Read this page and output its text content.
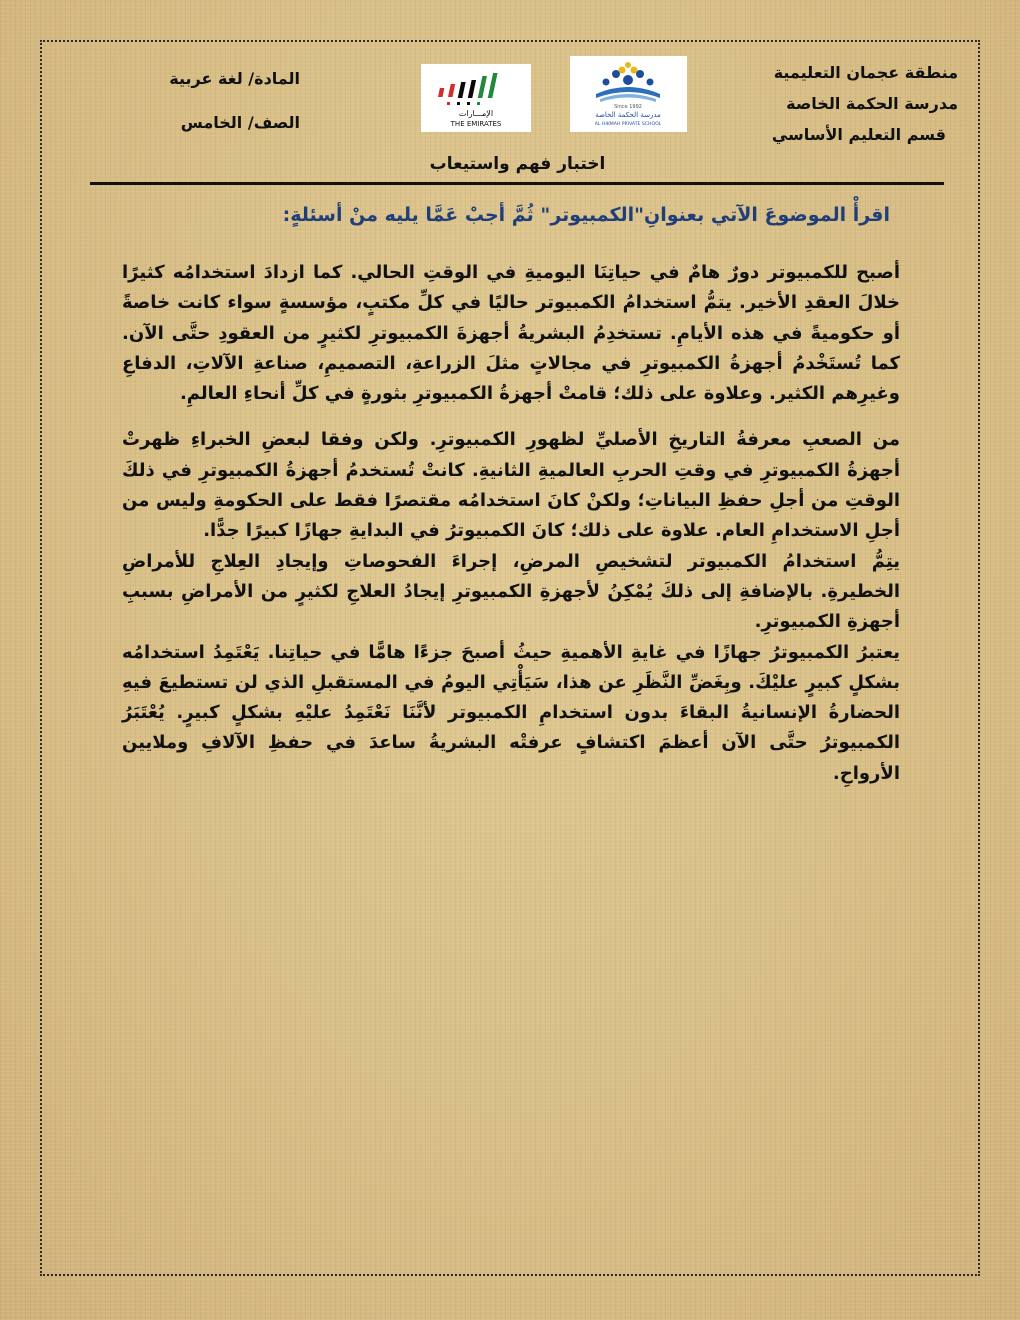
منطقة عجمان التعليمية
مدرسة الحكمة الخاصة
قسم التعليم الأساسي
المادة/ لغة عربية
الصف/ الخامس
Since 1992
مدرسة الحكمة الخاصة
AL HIKMAH PRIVATE SCHOOL
الإمـــارات
THE EMIRATES
اختبار فهم واستيعاب
اقرأْ الموضوعَ الآتي بعنوانِ"الكمبيوتر" ثُمَّ أجبْ عَمَّا يليه منْ أسئلةٍ:

أصبح للكمبيوتر دورٌ هامٌ في حياتِنَا اليوميةِ في الوقتِ الحالي. كما ازدادَ استخدامُه كثيرًا خلالَ العقدِ الأخير. يتمُّ استخدامُ الكمبيوتر حاليًا في كلِّ مكتبٍ، مؤسسةٍ سواء كانت خاصةً أو حكوميةً في هذه الأيامِ. تستخدِمُ البشريةُ أجهزةَ الكمبيوترِ لكثيرٍ من العقودِ حتَّى الآن. كما تُستَخْدمُ أجهزةُ الكمبيوترِ في مجالاتٍ مثلَ الزراعةِ، التصميمِ، صناعةِ الآلاتِ، الدفاعِ وغيرِهم الكثير. وعلاوة على ذلك؛ قامتْ أجهزةُ الكمبيوترِ بثورةٍ في كلِّ أنحاءِ العالمِ.

من الصعبِ معرفةُ التاريخِ الأصليِّ لظهورِ الكمبيوترِ. ولكن وفقا لبعضِ الخبراءِ ظهرتْ أجهزةُ الكمبيوترِ في وقتِ الحربِ العالميةِ الثانيةِ. كانتْ تُستخدمُ أجهزةُ الكمبيوترِ في ذلكَ الوقتِ من أجلِ حفظِ البياناتِ؛ ولكنْ كانَ استخدامُه مقتصرًا فقط على الحكومةِ وليس من أجلِ الاستخدامِ العام. علاوة على ذلك؛ كانَ الكمبيوترُ في البدايةِ جهازًا كبيرًا جدًّا.

يتِمُّ استخدامُ الكمبيوتر لتشخيصِ المرضِ، إجراءَ الفحوصاتِ وإيجادِ العِلاجِ للأمراضِ الخطيرةِ. بالإضافةِ إلى ذلكَ يُمْكِنُ لأجهزةِ الكمبيوترِ إيجادُ العلاجِ لكثيرٍ من الأمراضِ بسببِ أجهزةِ الكمبيوترِ.

يعتبرُ الكمبيوترُ جهازًا في غايةِ الأهميةِ حيثُ أصبحَ جزءًا هامًّا في حياتِنا. يَعْتَمِدُ استخدامُه بشكلٍ كبيرٍ عليْكَ. وبِغَضِّ النَّظَرِ عن هذا، سَيَأْتِي اليومُ في المستقبلِ الذي لن تستطيعَ فيهِ الحضارةُ الإنسانيةُ البقاءَ بدون استخدامِ الكمبيوتر لأنَّنَا نَعْتَمِدُ عليْهِ بشكلٍ كبيرٍ. يُعْتَبَرُ الكمبيوترُ حتَّى الآن أعظمَ اكتشافٍ عرفتْه البشريةُ ساعدَ في حفظِ الآلافِ وملايين الأرواحِ.
